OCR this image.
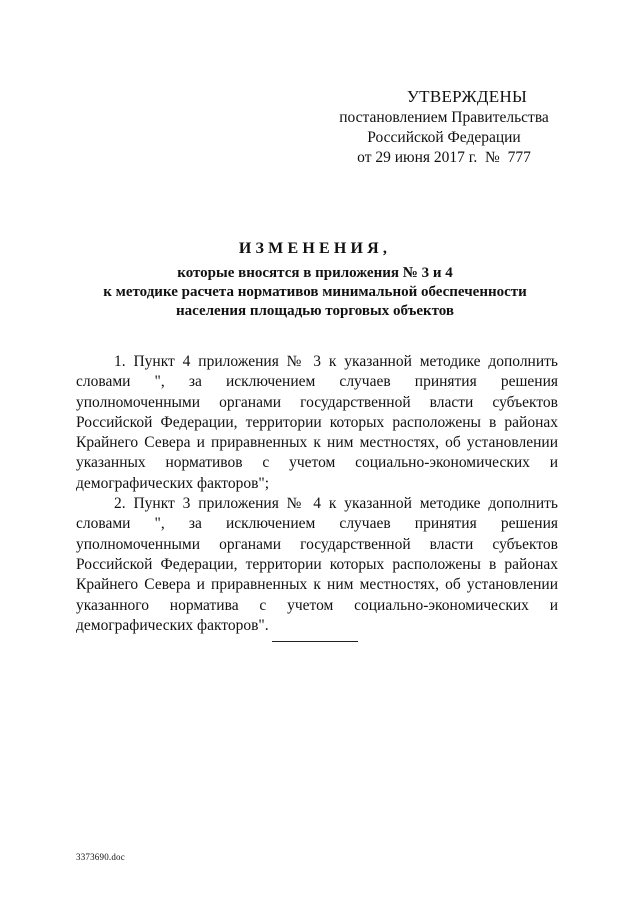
УТВЕРЖДЕНЫ
постановлением Правительства
Российской Федерации
от 29 июня 2017 г.  №  777
ИЗМЕНЕНИЯ,
которые вносятся в приложения № 3 и 4
к методике расчета нормативов минимальной обеспеченности
населения площадью торговых объектов

1. Пункт 4 приложения № 3 к указанной методике дополнить словами ", за исключением случаев принятия решения уполномоченными органами государственной власти субъектов Российской Федерации, территории которых расположены в районах Крайнего Севера и приравненных к ним местностях, об установлении указанных нормативов с учетом социально-экономических и демографических факторов";

2. Пункт 3 приложения № 4 к указанной методике дополнить словами ", за исключением случаев принятия решения уполномоченными органами государственной власти субъектов Российской Федерации, территории которых расположены в районах Крайнего Севера и приравненных к ним местностях, об установлении указанного норматива с учетом социально-экономических и демографических факторов".

3373690.doc
